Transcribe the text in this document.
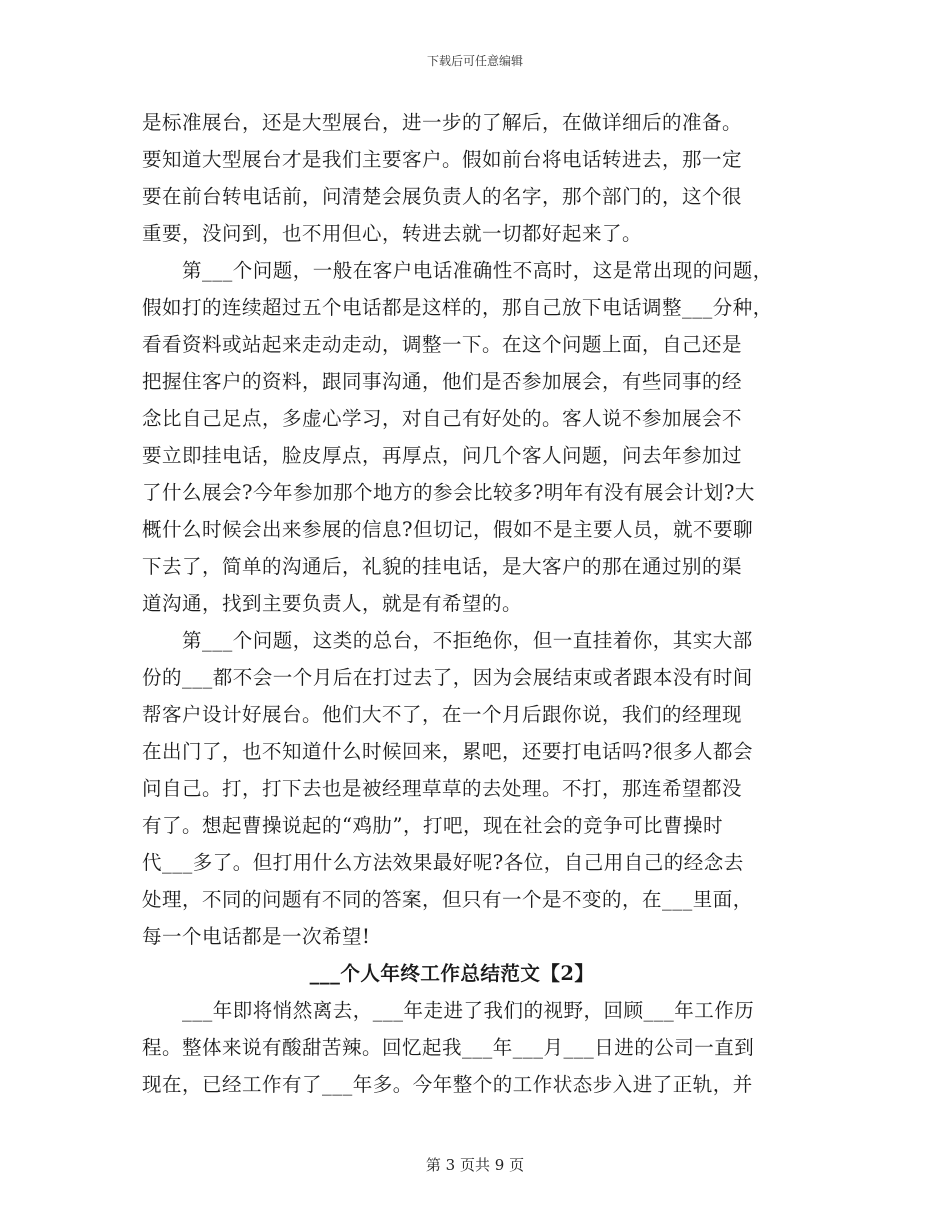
下载后可任意编辑
是标准展台，还是大型展台，进一步的了解后，在做详细后的准备。
要知道大型展台才是我们主要客户。假如前台将电话转进去，那一定
要在前台转电话前，问清楚会展负责人的名字，那个部门的，这个很
重要，没问到，也不用但心，转进去就一切都好起来了。
第___个问题，一般在客户电话准确性不高时，这是常出现的问题，
假如打的连续超过五个电话都是这样的，那自己放下电话调整___分种，
看看资料或站起来走动走动，调整一下。在这个问题上面，自己还是
把握住客户的资料，跟同事沟通，他们是否参加展会，有些同事的经
念比自己足点，多虚心学习，对自己有好处的。客人说不参加展会不
要立即挂电话，脸皮厚点，再厚点，问几个客人问题，问去年参加过
了什么展会?今年参加那个地方的参会比较多?明年有没有展会计划?大
概什么时候会出来参展的信息?但切记，假如不是主要人员，就不要聊
下去了，简单的沟通后，礼貌的挂电话，是大客户的那在通过别的渠
道沟通，找到主要负责人，就是有希望的。
第___个问题，这类的总台，不拒绝你，但一直挂着你，其实大部
份的___都不会一个月后在打过去了，因为会展结束或者跟本没有时间
帮客户设计好展台。他们大不了，在一个月后跟你说，我们的经理现
在出门了，也不知道什么时候回来，累吧，还要打电话吗?很多人都会
问自己。打，打下去也是被经理草草的去处理。不打，那连希望都没
有了。想起曹操说起的“鸡肋”，打吧，现在社会的竞争可比曹操时
代___多了。但打用什么方法效果最好呢?各位，自己用自己的经念去
处理，不同的问题有不同的答案，但只有一个是不变的，在___里面，
每一个电话都是一次希望!
___个人年终工作总结范文【2】
___年即将悄然离去，___年走进了我们的视野，回顾___年工作历
程。整体来说有酸甜苦辣。回忆起我___年___月___日进的公司一直到
现在，已经工作有了___年多。今年整个的工作状态步入进了正轨，并
第 3 页共 9 页
